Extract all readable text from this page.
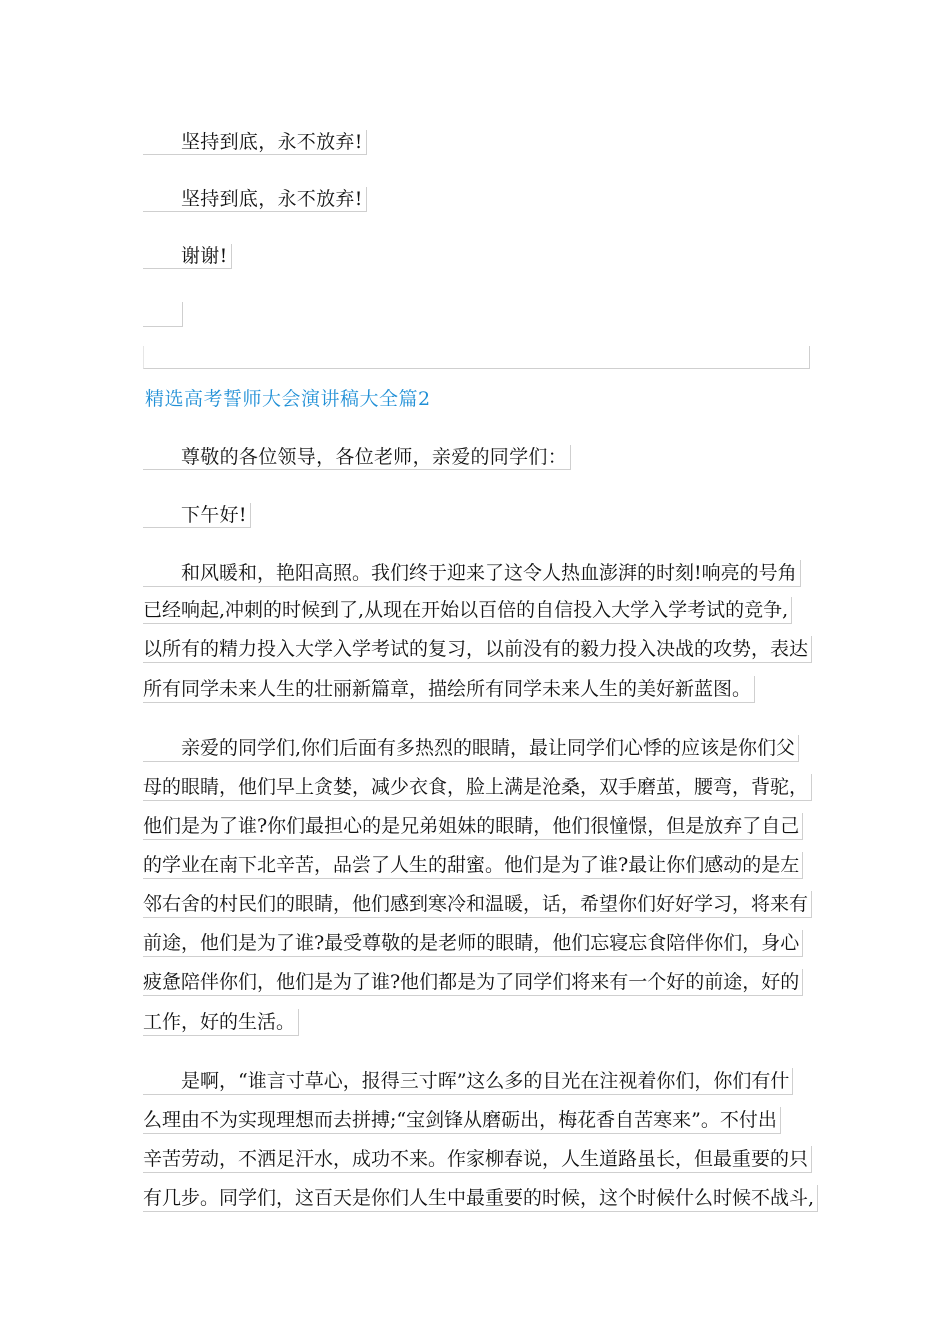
坚持到底，永不放弃!
坚持到底，永不放弃!
谢谢!
精选高考誓师大会演讲稿大全篇2
尊敬的各位领导，各位老师，亲爱的同学们：
下午好!
和风暖和，艳阳高照。我们终于迎来了这令人热血澎湃的时刻!响亮的号角
已经响起,冲刺的时候到了,从现在开始以百倍的自信投入大学入学考试的竞争,
以所有的精力投入大学入学考试的复习，以前没有的毅力投入决战的攻势，表达
所有同学未来人生的壮丽新篇章，描绘所有同学未来人生的美好新蓝图。
亲爱的同学们,你们后面有多热烈的眼睛，最让同学们心悸的应该是你们父
母的眼睛，他们早上贪婪，减少衣食，脸上满是沧桑，双手磨茧，腰弯，背驼，
他们是为了谁?你们最担心的是兄弟姐妹的眼睛，他们很憧憬，但是放弃了自己
的学业在南下北辛苦，品尝了人生的甜蜜。他们是为了谁?最让你们感动的是左
邻右舍的村民们的眼睛，他们感到寒冷和温暖，话，希望你们好好学习，将来有
前途，他们是为了谁?最受尊敬的是老师的眼睛，他们忘寝忘食陪伴你们，身心
疲惫陪伴你们，他们是为了谁?他们都是为了同学们将来有一个好的前途，好的
工作，好的生活。
是啊，“谁言寸草心，报得三寸晖”这么多的目光在注视着你们，你们有什
么理由不为实现理想而去拼搏;“宝剑锋从磨砺出，梅花香自苦寒来”。不付出
辛苦劳动，不洒足汗水，成功不来。作家柳春说，人生道路虽长，但最重要的只
有几步。同学们，这百天是你们人生中最重要的时候，这个时候什么时候不战斗,
